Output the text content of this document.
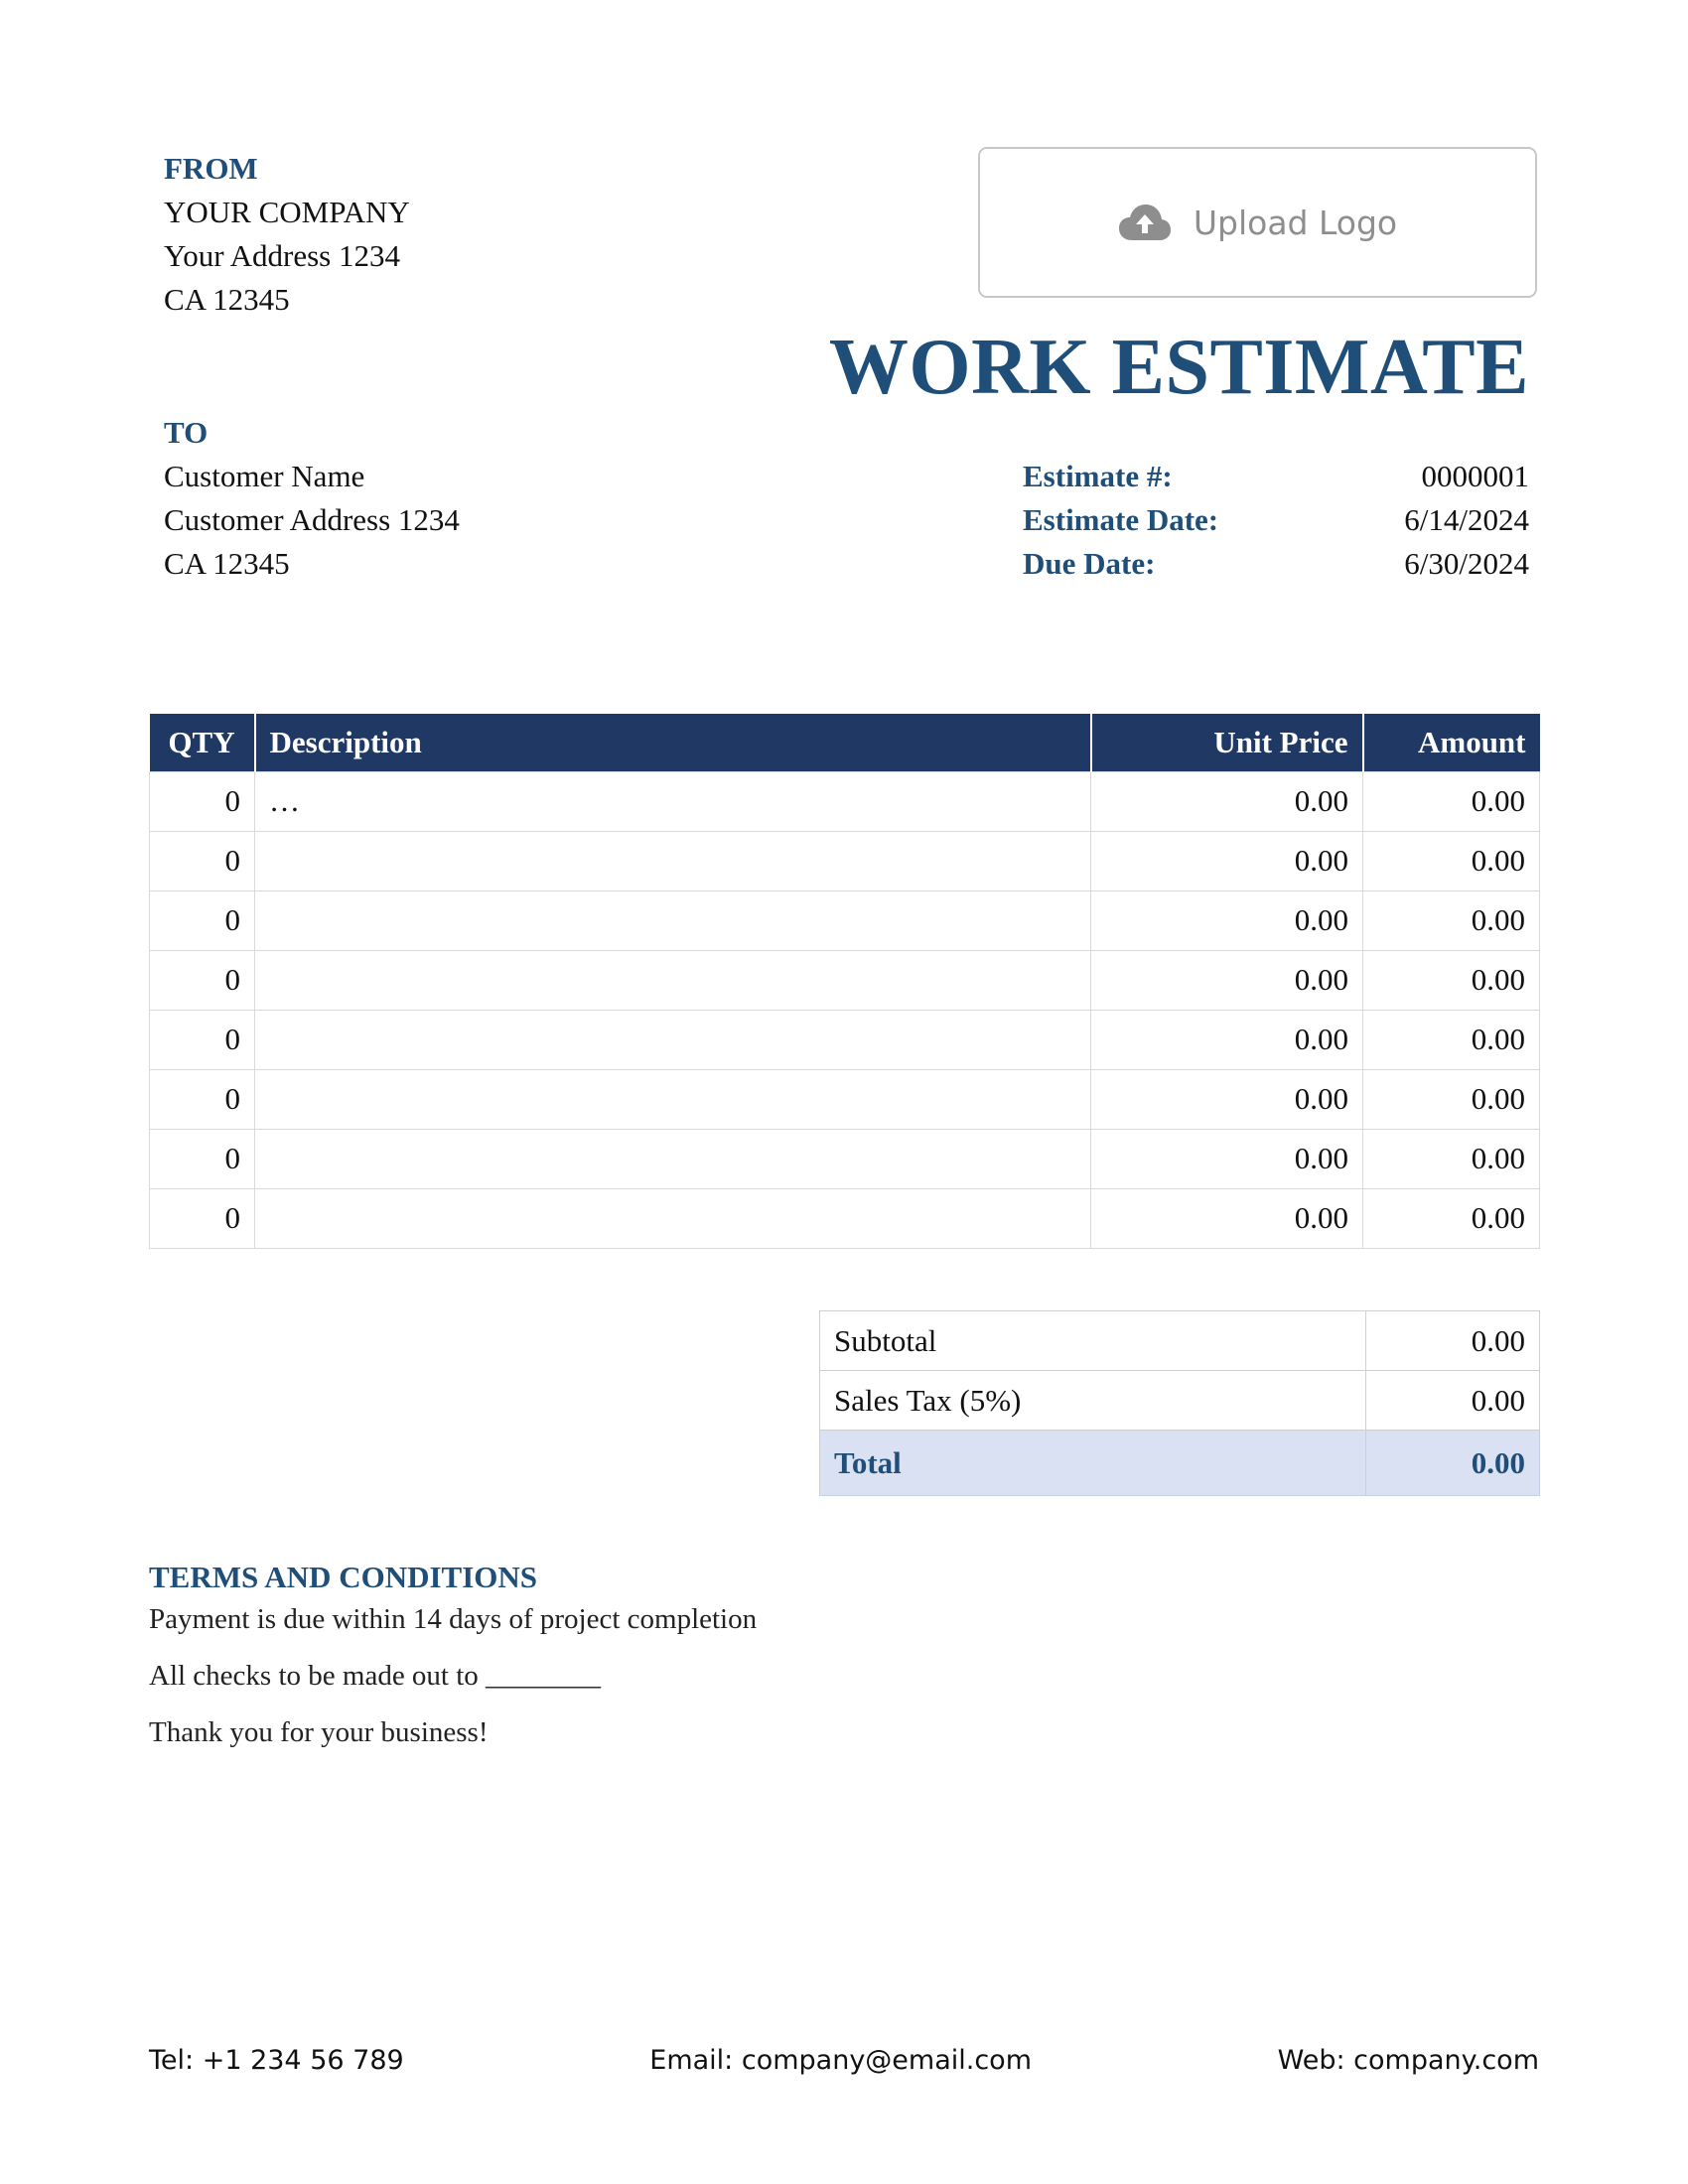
FROM
YOUR COMPANY
Your Address 1234
CA 12345
Upload Logo
WORK ESTIMATE
TO
Customer Name
Customer Address 1234
CA 12345
Estimate #:	0000001
Estimate Date:	6/14/2024
Due Date:	6/30/2024
QTY	Description	Unit Price	Amount
0	…	0.00	0.00
0		0.00	0.00
0		0.00	0.00
0		0.00	0.00
0		0.00	0.00
0		0.00	0.00
0		0.00	0.00
0		0.00	0.00
Subtotal	0.00
Sales Tax (5%)	0.00
Total	0.00
TERMS AND CONDITIONS
Payment is due within 14 days of project completion
All checks to be made out to ________
Thank you for your business!
Tel: +1 234 56 789	Email: company@email.com	Web: company.com
